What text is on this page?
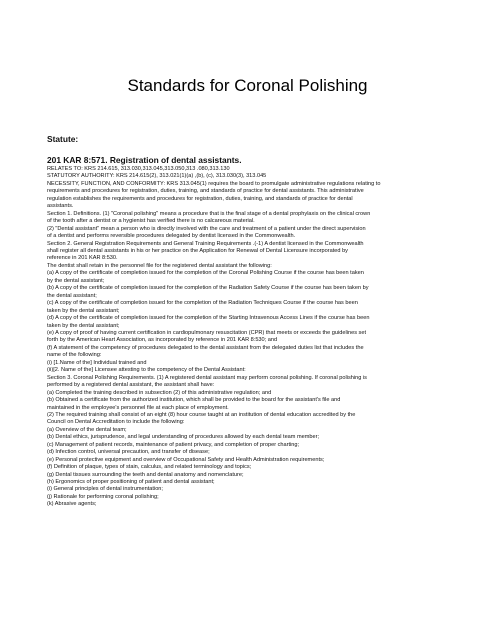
Standards for Coronal Polishing
Statute:
201 KAR 8:571. Registration of dental assistants.
RELATES TO: KRS 214.615, 313.030,313.045,313.050,313 .080,313.130
STATUTORY AUTHORITY: KRS 214.615(2), 313.021(1)(a) ,(b), (c), 313.030(3), 313.045
NECESSITY, FUNCTION, AND CONFORMITY: KRS 313.045(1) requires the board to promulgate administrative regulations relating to
requirements and procedures for registration, duties, training, and standards of practice for dental assistants. This administrative
regulation establishes the requirements and procedures for registration, duties, training, and standards of practice for dental
assistants.
Section 1. Definitions. (1) "Coronal polishing" means a procedure that is the final stage of a dental prophylaxis on the clinical crown
of the tooth after a dentist or a hygienist has verified there is no calcareous material.
(2) "Dental assistant" mean a person who is directly involved with the care and treatment of a patient under the direct supervision
of a dentist and performs reversible procedures delegated by dentist licensed in the Commonwealth.
Section 2. General Registration Requirements and General Training Requirements .(-1) A dentist licensed in the Commonwealth
shall register all dental assistants in his or her practice on the Application for Renewal of Dental Licensure incorporated by
reference in 201 KAR 8:530.
The dentist shall retain in the personnel file for the registered dental assistant the following:
(a) A copy of the certificate of completion issued for the completion of the Coronal Polishing Course if the course has been taken
by the dental assistant;
(b) A copy of the certificate of completion issued for the completion of the Radiation Safety Course if the course has been taken by
the dental assistant;
(c) A copy of the certificate of completion issued for the completion of the Radiation Techniques Course if the course has been
taken by the dental assistant;
(d) A copy of the certificate of completion issued for the completion of the Starting Intravenous Access Lines if the course has been
taken by the dental assistant;
(e) A copy of proof of having current certification in cardiopulmonary resuscitation (CPR) that meets or exceeds the guidelines set
forth by the American Heart Association, as incorporated by reference in 201 KAR 8:530; and
(f) A statement of the competency of procedures delegated to the dental assistant from the delegated duties list that includes the
name of the following:
(i) [1.Name of the] Individual trained and
(ii)[2. Name of the] Licensee attesting to the competency of the Dental Assistant:
Section 3. Coronal Polishing Requirements. (1) A registered dental assistant may perform coronal polishing. If coronal polishing is
performed by a registered dental assistant, the assistant shall have:
(a) Completed the training described in subsection (2) of this administrative regulation; and
(b) Obtained a certificate from the authorized institution, which shall be provided to the board for the assistant's file and
maintained in the employee's personnel file at each place of employment.
(2) The required training shall consist of an eight (8) hour course taught at an institution of dental education accredited by the
Council on Dental Accreditation to include the following:
(a) Overview of the dental team;
(b) Dental ethics, jurisprudence, and legal understanding of procedures allowed by each dental team member;
(c) Management of patient records, maintenance of patient privacy, and completion of proper charting;
(d) Infection control, universal precaution, and transfer of disease;
(e) Personal protective equipment and overview of Occupational Safety and Health Administration requirements;
(f) Definition of plaque, types of stain, calculus, and related terminology and topics;
(g) Dental tissues surrounding the teeth and dental anatomy and nomenclature;
(h) Ergonomics of proper positioning of patient and dental assistant;
(i) General principles of dental instrumentation;
(j) Rationale for performing coronal polishing;
(k) Abrasive agents;
